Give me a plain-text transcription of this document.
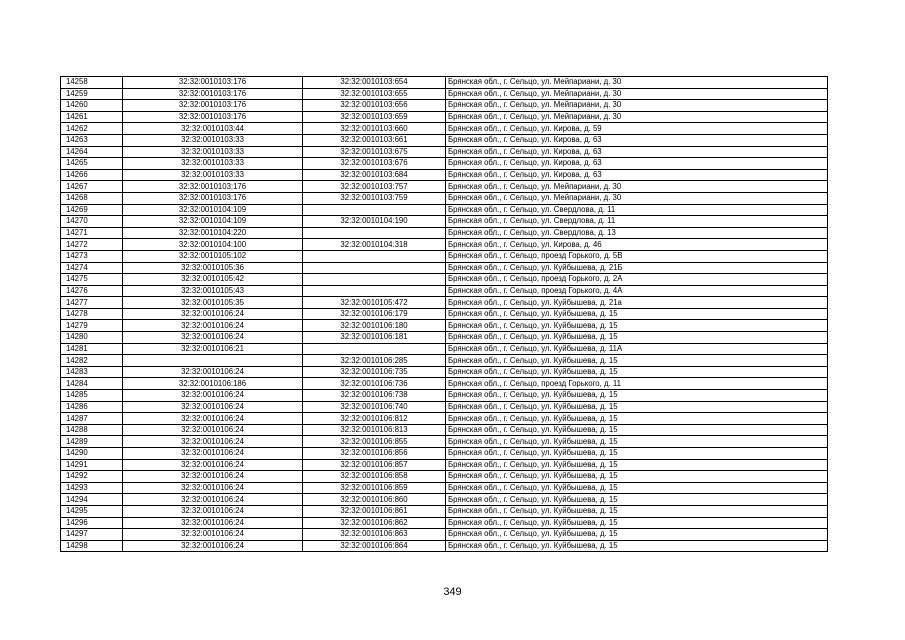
14258	32:32:0010103:176	32:32:0010103:654	Брянская обл., г. Сельцо, ул. Мейпариани, д. 30
14259	32:32:0010103:176	32:32:0010103:655	Брянская обл., г. Сельцо, ул. Мейпариани, д. 30
14260	32:32:0010103:176	32:32:0010103:656	Брянская обл., г. Сельцо, ул. Мейпариани, д. 30
14261	32:32:0010103:176	32:32:0010103:659	Брянская обл., г. Сельцо, ул. Мейпариани, д. 30
14262	32:32:0010103:44	32:32:0010103:660	Брянская обл., г. Сельцо, ул. Кирова, д. 59
14263	32:32:0010103:33	32:32:0010103:661	Брянская обл., г. Сельцо, ул. Кирова, д. 63
14264	32:32:0010103:33	32:32:0010103:675	Брянская обл., г. Сельцо, ул. Кирова, д. 63
14265	32:32:0010103:33	32:32:0010103:676	Брянская обл., г. Сельцо, ул. Кирова, д. 63
14266	32:32:0010103:33	32:32:0010103:684	Брянская обл., г. Сельцо, ул. Кирова, д. 63
14267	32:32:0010103:176	32:32:0010103:757	Брянская обл., г. Сельцо, ул. Мейпариани, д. 30
14268	32:32:0010103:176	32:32:0010103:759	Брянская обл., г. Сельцо, ул. Мейпариани, д. 30
14269	32:32:0010104:109		Брянская обл., г. Сельцо, ул. Свердлова, д. 11
14270	32:32:0010104:109	32:32:0010104:190	Брянская обл., г. Сельцо, ул. Свердлова, д. 11
14271	32:32:0010104:220		Брянская обл., г. Сельцо, ул. Свердлова, д. 13
14272	32:32:0010104:100	32:32:0010104:318	Брянская обл., г. Сельцо, ул. Кирова, д. 46
14273	32:32:0010105:102		Брянская обл., г. Сельцо, проезд Горького, д. 5В
14274	32:32:0010105:36		Брянская обл., г. Сельцо, ул. Куйбышева, д. 21Б
14275	32:32:0010105:42		Брянская обл., г. Сельцо, проезд Горького, д. 2А
14276	32:32:0010105:43		Брянская обл., г. Сельцо, проезд Горького, д. 4А
14277	32:32:0010105:35	32:32:0010105:472	Брянская обл., г. Сельцо, ул. Куйбышева, д. 21а
14278	32:32:0010106:24	32:32:0010106:179	Брянская обл., г. Сельцо, ул. Куйбышева, д. 15
14279	32:32:0010106:24	32:32:0010106:180	Брянская обл., г. Сельцо, ул. Куйбышева, д. 15
14280	32:32:0010106:24	32:32:0010106:181	Брянская обл., г. Сельцо, ул. Куйбышева, д. 15
14281	32:32:0010106:21		Брянская обл., г. Сельцо, ул. Куйбышева, д. 11А
14282		32:32:0010106:285	Брянская обл., г. Сельцо, ул. Куйбышева, д. 15
14283	32:32:0010106:24	32:32:0010106:735	Брянская обл., г. Сельцо, ул. Куйбышева, д. 15
14284	32:32:0010106:186	32:32:0010106:736	Брянская обл., г. Сельцо, проезд Горького, д. 11
14285	32:32:0010106:24	32:32:0010106:738	Брянская обл., г. Сельцо, ул. Куйбышева, д. 15
14286	32:32:0010106:24	32:32:0010106:740	Брянская обл., г. Сельцо, ул. Куйбышева, д. 15
14287	32:32:0010106:24	32:32:0010106:812	Брянская обл., г. Сельцо, ул. Куйбышева, д. 15
14288	32:32:0010106:24	32:32:0010106:813	Брянская обл., г. Сельцо, ул. Куйбышева, д. 15
14289	32:32:0010106:24	32:32:0010106:855	Брянская обл., г. Сельцо, ул. Куйбышева, д. 15
14290	32:32:0010106:24	32:32:0010106:856	Брянская обл., г. Сельцо, ул. Куйбышева, д. 15
14291	32:32:0010106:24	32:32:0010106:857	Брянская обл., г. Сельцо, ул. Куйбышева, д. 15
14292	32:32:0010106:24	32:32:0010106:858	Брянская обл., г. Сельцо, ул. Куйбышева, д. 15
14293	32:32:0010106:24	32:32:0010106:859	Брянская обл., г. Сельцо, ул. Куйбышева, д. 15
14294	32:32:0010106:24	32:32:0010106:860	Брянская обл., г. Сельцо, ул. Куйбышева, д. 15
14295	32:32:0010106:24	32:32:0010106:861	Брянская обл., г. Сельцо, ул. Куйбышева, д. 15
14296	32:32:0010106:24	32:32:0010106:862	Брянская обл., г. Сельцо, ул. Куйбышева, д. 15
14297	32:32:0010106:24	32:32:0010106:863	Брянская обл., г. Сельцо, ул. Куйбышева, д. 15
14298	32:32:0010106:24	32:32:0010106:864	Брянская обл., г. Сельцо, ул. Куйбышева, д. 15
349
